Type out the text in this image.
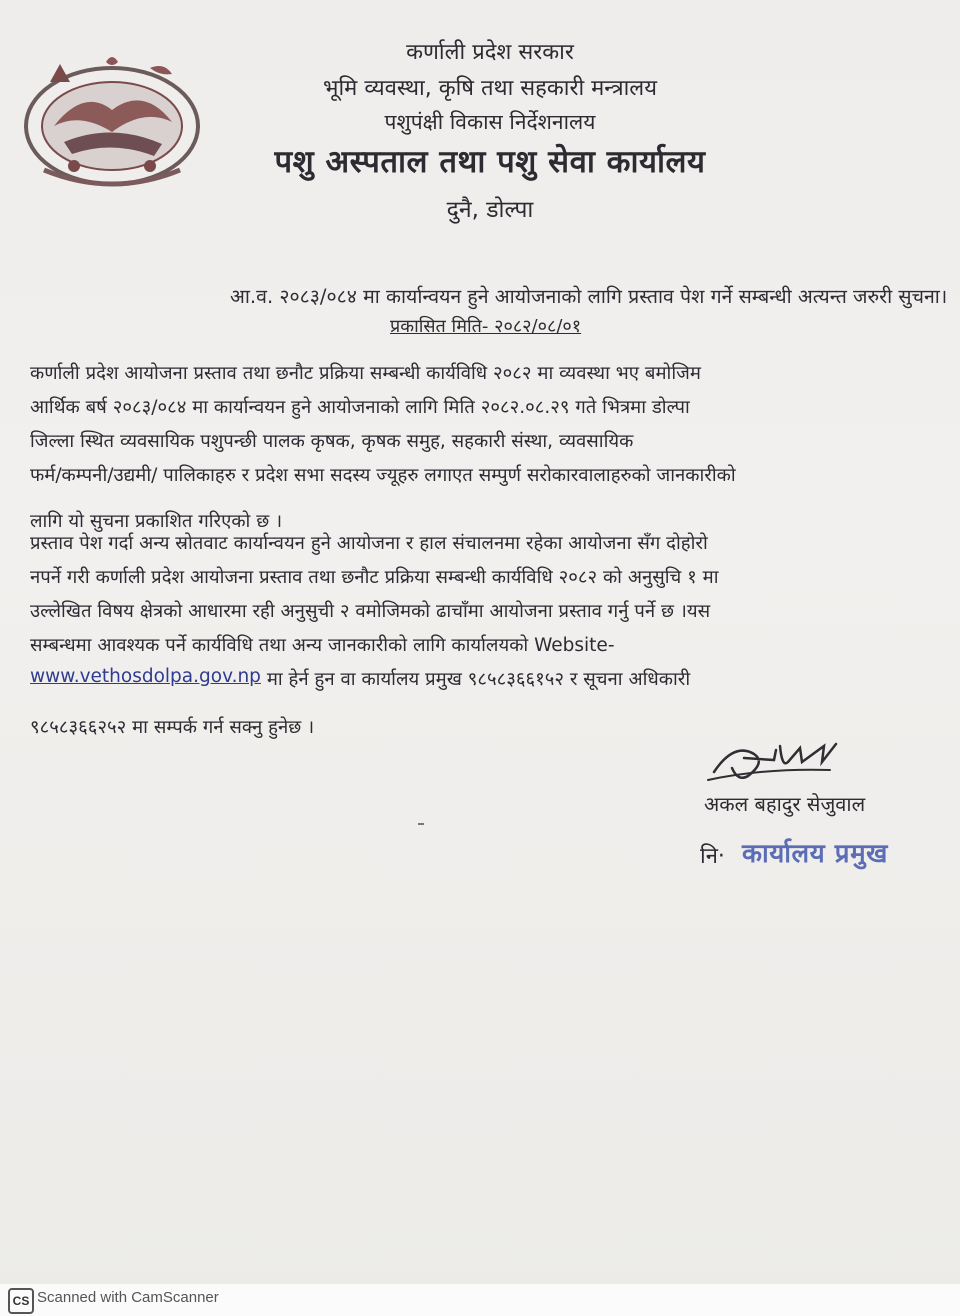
कर्णाली प्रदेश सरकार
भूमि व्यवस्था, कृषि तथा सहकारी मन्त्रालय
पशुपंक्षी विकास निर्देशनालय
पशु अस्पताल तथा पशु सेवा कार्यालय
दुनै, डोल्पा
आ.व. २०८३/०८४ मा कार्यान्वयन हुने आयोजनाको लागि प्रस्ताव पेश गर्ने सम्बन्धी अत्यन्त जरुरी सुचना।
प्रकासित मिति- २०८२/०८/०१
कर्णाली प्रदेश आयोजना प्रस्ताव तथा छनौट प्रक्रिया सम्बन्धी कार्यविधि २०८२ मा व्यवस्था भए बमोजिम
आर्थिक बर्ष २०८३/०८४ मा कार्यान्वयन हुने आयोजनाको लागि मिति २०८२.०८.२९ गते भित्रमा डोल्पा
जिल्ला स्थित व्यवसायिक पशुपन्छी पालक कृषक, कृषक समुह, सहकारी संस्था, व्यवसायिक
फर्म/कम्पनी/उद्यमी/ पालिकाहरु र प्रदेश सभा सदस्य ज्यूहरु लगाएत सम्पुर्ण सरोकारवालाहरुको जानकारीको
लागि यो सुचना प्रकाशित गरिएको छ ।
प्रस्ताव पेश गर्दा अन्य स्रोतवाट कार्यान्वयन हुने आयोजना र हाल संचालनमा रहेका आयोजना सँग दोहोरो
नपर्ने गरी कर्णाली प्रदेश आयोजना प्रस्ताव तथा छनौट प्रक्रिया सम्बन्धी कार्यविधि २०८२ को अनुसुचि १ मा
उल्लेखित विषय क्षेत्रको आधारमा रही अनुसुची २ वमोजिमको ढाचाँमा आयोजना प्रस्ताव गर्नु पर्ने छ ।यस
सम्बन्धमा आवश्यक पर्ने कार्यविधि तथा अन्य जानकारीको लागि कार्यालयको Website-
www.vethosdolpa.gov.np मा हेर्न हुन वा कार्यालय प्रमुख ९८५८३६६१५२ र सूचना अधिकारी
९८५८३६६२५२ मा सम्पर्क गर्न सक्नु हुनेछ ।
अकल बहादुर सेजुवाल
नि· कार्यालय प्रमुख
CS Scanned with CamScanner
